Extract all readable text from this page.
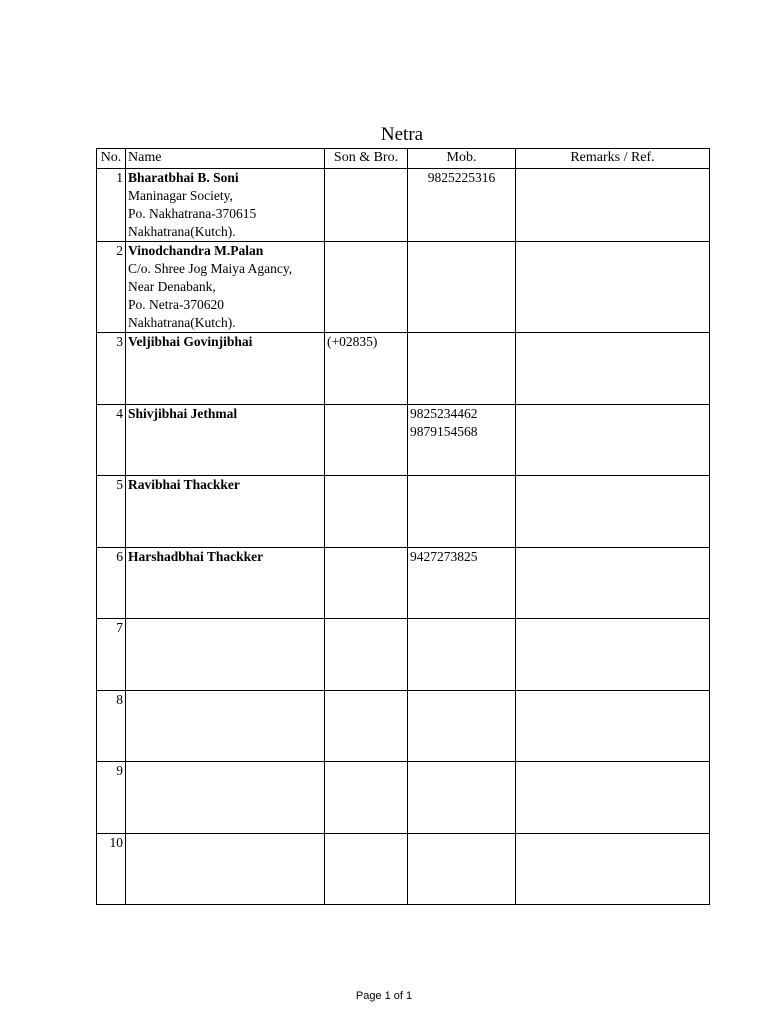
Netra
No.	Name	Son & Bro.	Mob.	Remarks / Ref.
1	Bharatbhai B. Soni
Maninagar Society,
Po. Nakhatrana-370615
Nakhatrana(Kutch).		9825225316	

2	Vinodchandra M.Palan
C/o. Shree Jog Maiya Agancy,
Near Denabank,
Po. Netra-370620
Nakhatrana(Kutch).			

3	Veljibhai Govinjibhai	(+02835)		
4	Shivjibhai Jethmal		9825234462
9879154568	

5	Ravibhai Thackker			

6	Harshadbhai Thackker		9427273825	

7				
8				
9				
10				
Page 1 of 1
